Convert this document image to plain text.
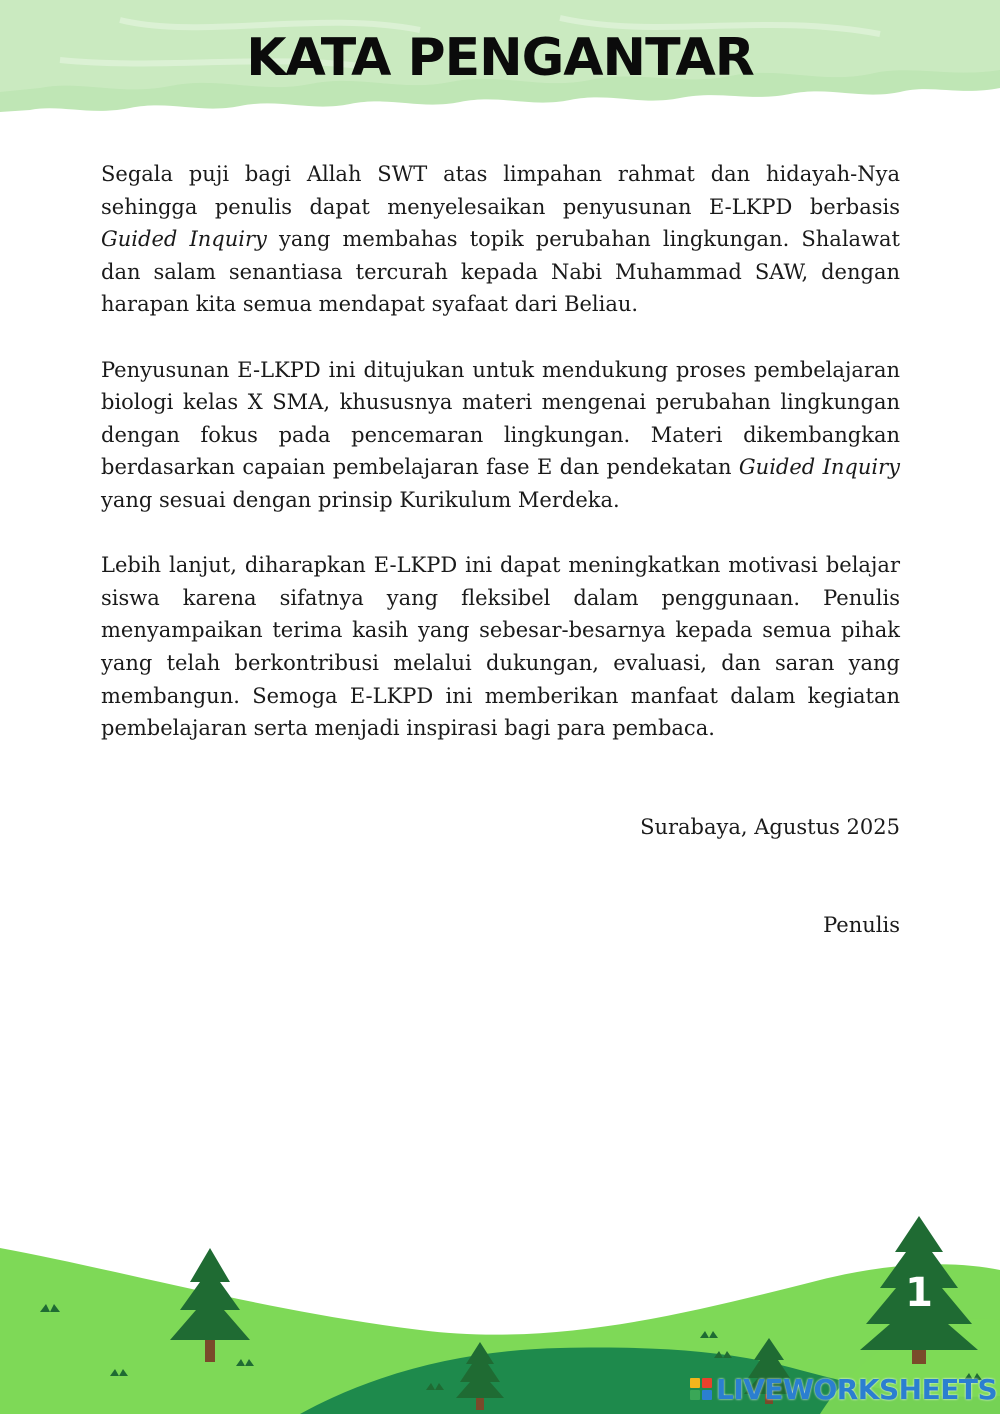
KATA PENGANTAR

Segala puji bagi Allah SWT atas limpahan rahmat dan hidayah-Nya sehingga penulis dapat menyelesaikan penyusunan E-LKPD berbasis Guided Inquiry yang membahas topik perubahan lingkungan. Shalawat dan salam senantiasa tercurah kepada Nabi Muhammad SAW, dengan harapan kita semua mendapat syafaat dari Beliau.

Penyusunan E-LKPD ini ditujukan untuk mendukung proses pembelajaran biologi kelas X SMA, khususnya materi mengenai perubahan lingkungan dengan fokus pada pencemaran lingkungan. Materi dikembangkan berdasarkan capaian pembelajaran fase E dan pendekatan Guided Inquiry yang sesuai dengan prinsip Kurikulum Merdeka.

Lebih lanjut, diharapkan E-LKPD ini dapat meningkatkan motivasi belajar siswa karena sifatnya yang fleksibel dalam penggunaan. Penulis menyampaikan terima kasih yang sebesar-besarnya kepada semua pihak yang telah berkontribusi melalui dukungan, evaluasi, dan saran yang membangun. Semoga E-LKPD ini memberikan manfaat dalam kegiatan pembelajaran serta menjadi inspirasi bagi para pembaca.

Surabaya, Agustus 2025
Penulis
1
LIVEWORKSHEETS
